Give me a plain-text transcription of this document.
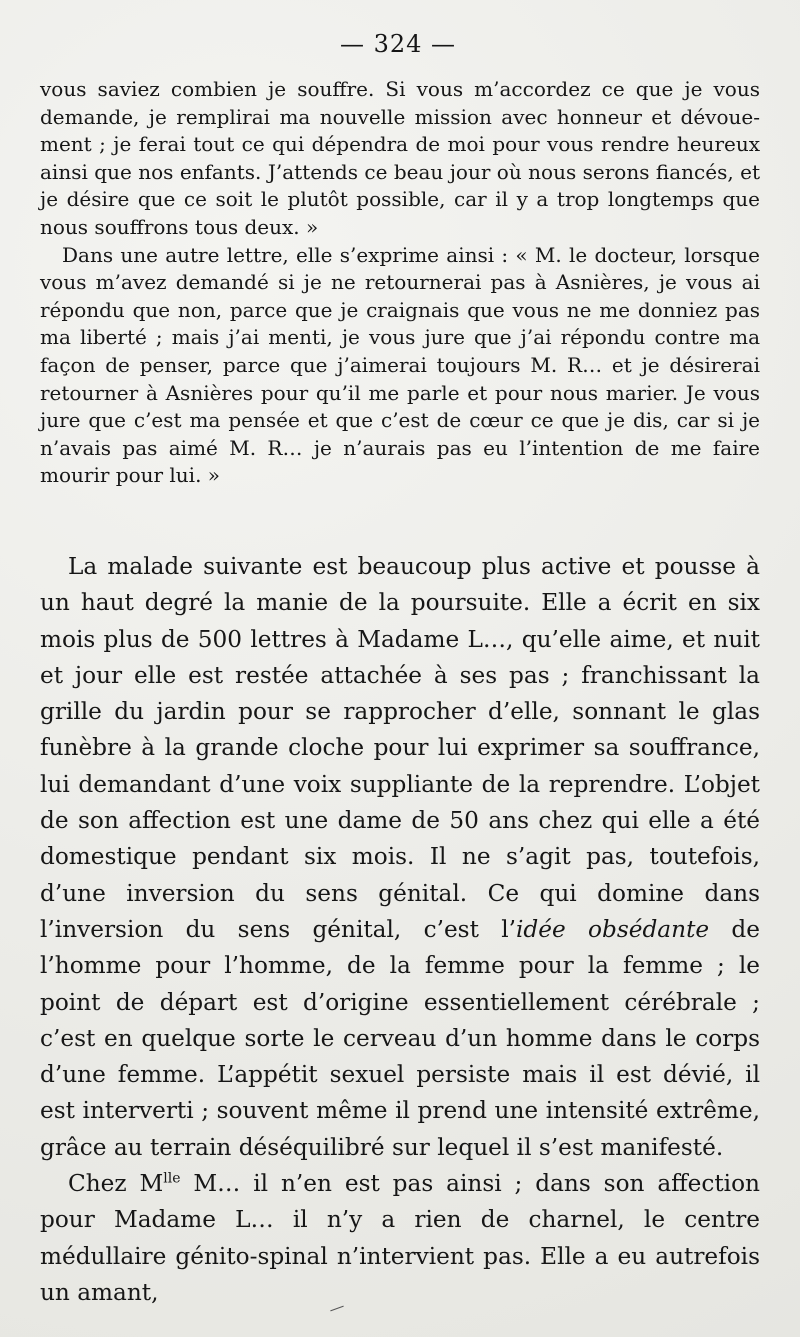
— 324 —

vous saviez combien je souffre. Si vous m’accordez ce que je vous demande, je remplirai ma nouvelle mission avec honneur et dévouement ; je ferai tout ce qui dépendra de moi pour vous rendre heureux ainsi que nos enfants. J’attends ce beau jour où nous serons fiancés, et je désire que ce soit le plutôt possible, car il y a trop longtemps que nous souffrons tous deux. »

Dans une autre lettre, elle s’exprime ainsi : « M. le docteur, lorsque vous m’avez demandé si je ne retournerai pas à Asnières, je vous ai répondu que non, parce que je craignais que vous ne me donniez pas ma liberté ; mais j’ai menti, je vous jure que j’ai répondu contre ma façon de penser, parce que j’aimerai toujours M. R… et je désirerai retourner à Asnières pour qu’il me parle et pour nous marier. Je vous jure que c’est ma pensée et que c’est de cœur ce que je dis, car si je n’avais pas aimé M. R… je n’aurais pas eu l’intention de me faire mourir pour lui. »

La malade suivante est beaucoup plus active et pousse à un haut degré la manie de la poursuite. Elle a écrit en six mois plus de 500 lettres à Madame L…, qu’elle aime, et nuit et jour elle est restée attachée à ses pas ; franchissant la grille du jardin pour se rapprocher d’elle, sonnant le glas funèbre à la grande cloche pour lui exprimer sa souffrance, lui demandant d’une voix suppliante de la reprendre. L’objet de son affection est une dame de 50 ans chez qui elle a été domestique pendant six mois. Il ne s’agit pas, toutefois, d’une inversion du sens génital. Ce qui domine dans l’inversion du sens génital, c’est l’idée obsédante de l’homme pour l’homme, de la femme pour la femme ; le point de départ est d’origine essentiellement cérébrale ; c’est en quelque sorte le cerveau d’un homme dans le corps d’une femme. L’appétit sexuel persiste mais il est dévié, il est interverti ; souvent même il prend une intensité extrême, grâce au terrain déséquilibré sur lequel il s’est manifesté.

Chez $M^{lle}$ M… il n’en est pas ainsi ; dans son affection pour Madame L… il n’y a rien de charnel, le centre médullaire génito-spinal n’intervient pas. Elle a eu autrefois un amant,
